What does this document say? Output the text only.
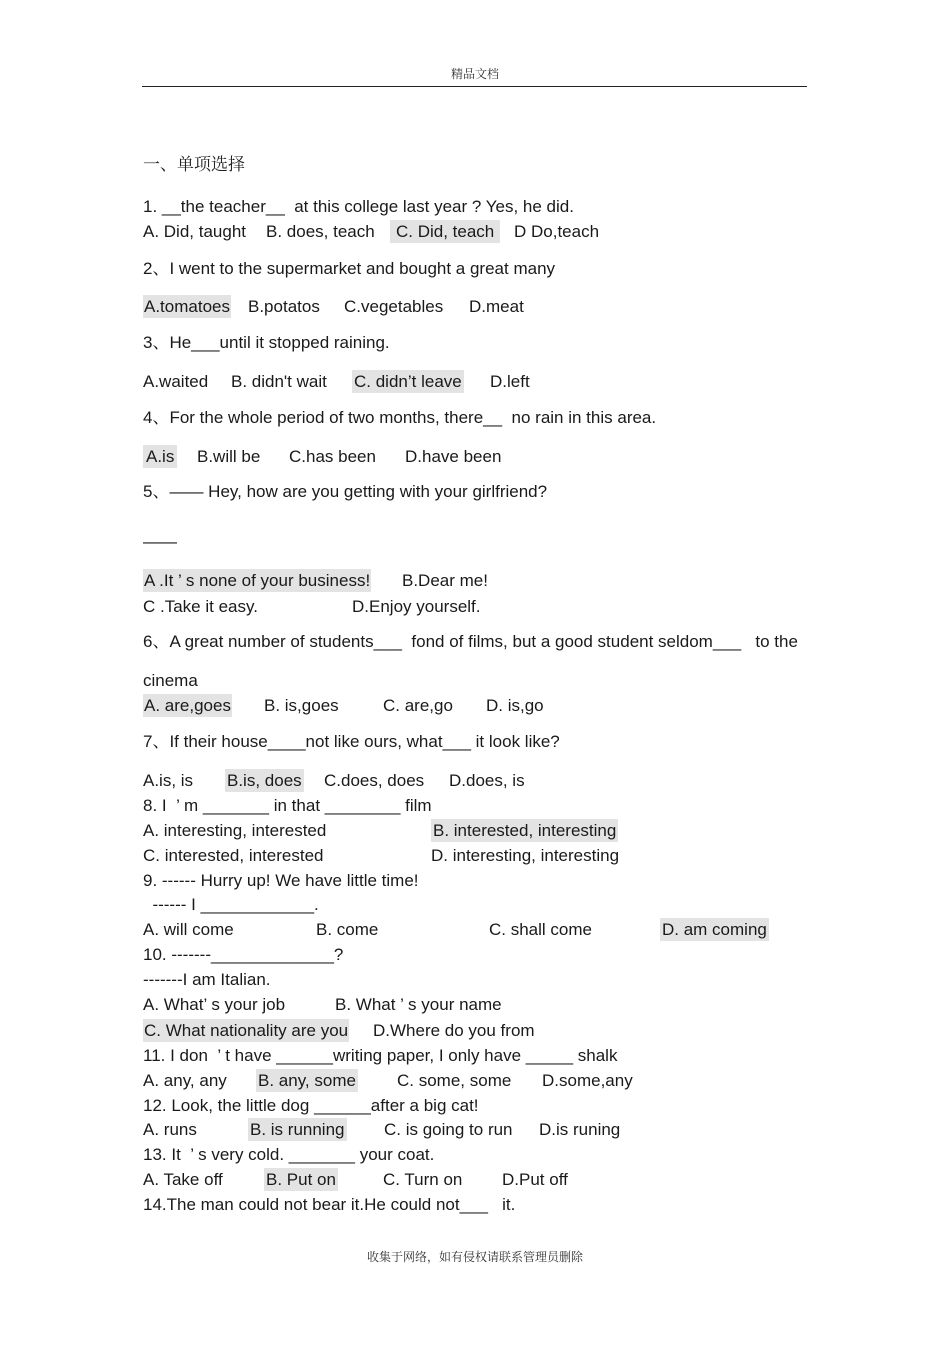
精品文档
一、单项选择
1. __the teacher__  at this college last year ? Yes, he did.
A. Did, taught B. does, teach	C. Did, teach	D Do,teach
2、I went to the supermarket and bought a great many
A.tomatoes B.potatos C.vegetables D.meat
3、He___until it stopped raining.
A.waited B. didn't wait C. didn’t leave D.left
4、For the whole period of two months, there__  no rain in this area.
A.is B.will be C.has been D.have been
5、—— Hey, how are you getting with your girlfriend?
——
A .It ’ s none of your business! B.Dear me!
C .Take it easy.	D.Enjoy yourself.
6、A great number of students___  fond of films, but a good student seldom___   to the
cinema
A. are,goes B. is,goes	C. are,go D. is,go
7、If their house____not like ours, what___ it look like?
A.is, is B.is, does C.does, does D.does, is
8. I  ’ m _______ in that ________ film
A. interesting, interested	B. interested, interesting
C. interested, interested	D. interesting, interesting
9. ------ Hurry up! We have little time!
------ I ____________.
A. will come	B. come	C. shall come	D. am coming
10. -------_____________?
-------I am Italian.
A. What’ s your job	B. What ’ s your name
C. What nationality are you D.Where do you from
11. I don  ’ t have ______writing paper, I only have _____ shalk
A. any, any B. any, some C. some, some D.some,any
12. Look, the little dog ______after a big cat!
A. runs	B. is running C. is going to run D.is runing
13. It  ’ s very cold. _______ your coat.
A. Take off	B. Put on	C. Turn on D.Put off
14.The man could not bear it.He could not___   it.
收集于网络，如有侵权请联系管理员删除
